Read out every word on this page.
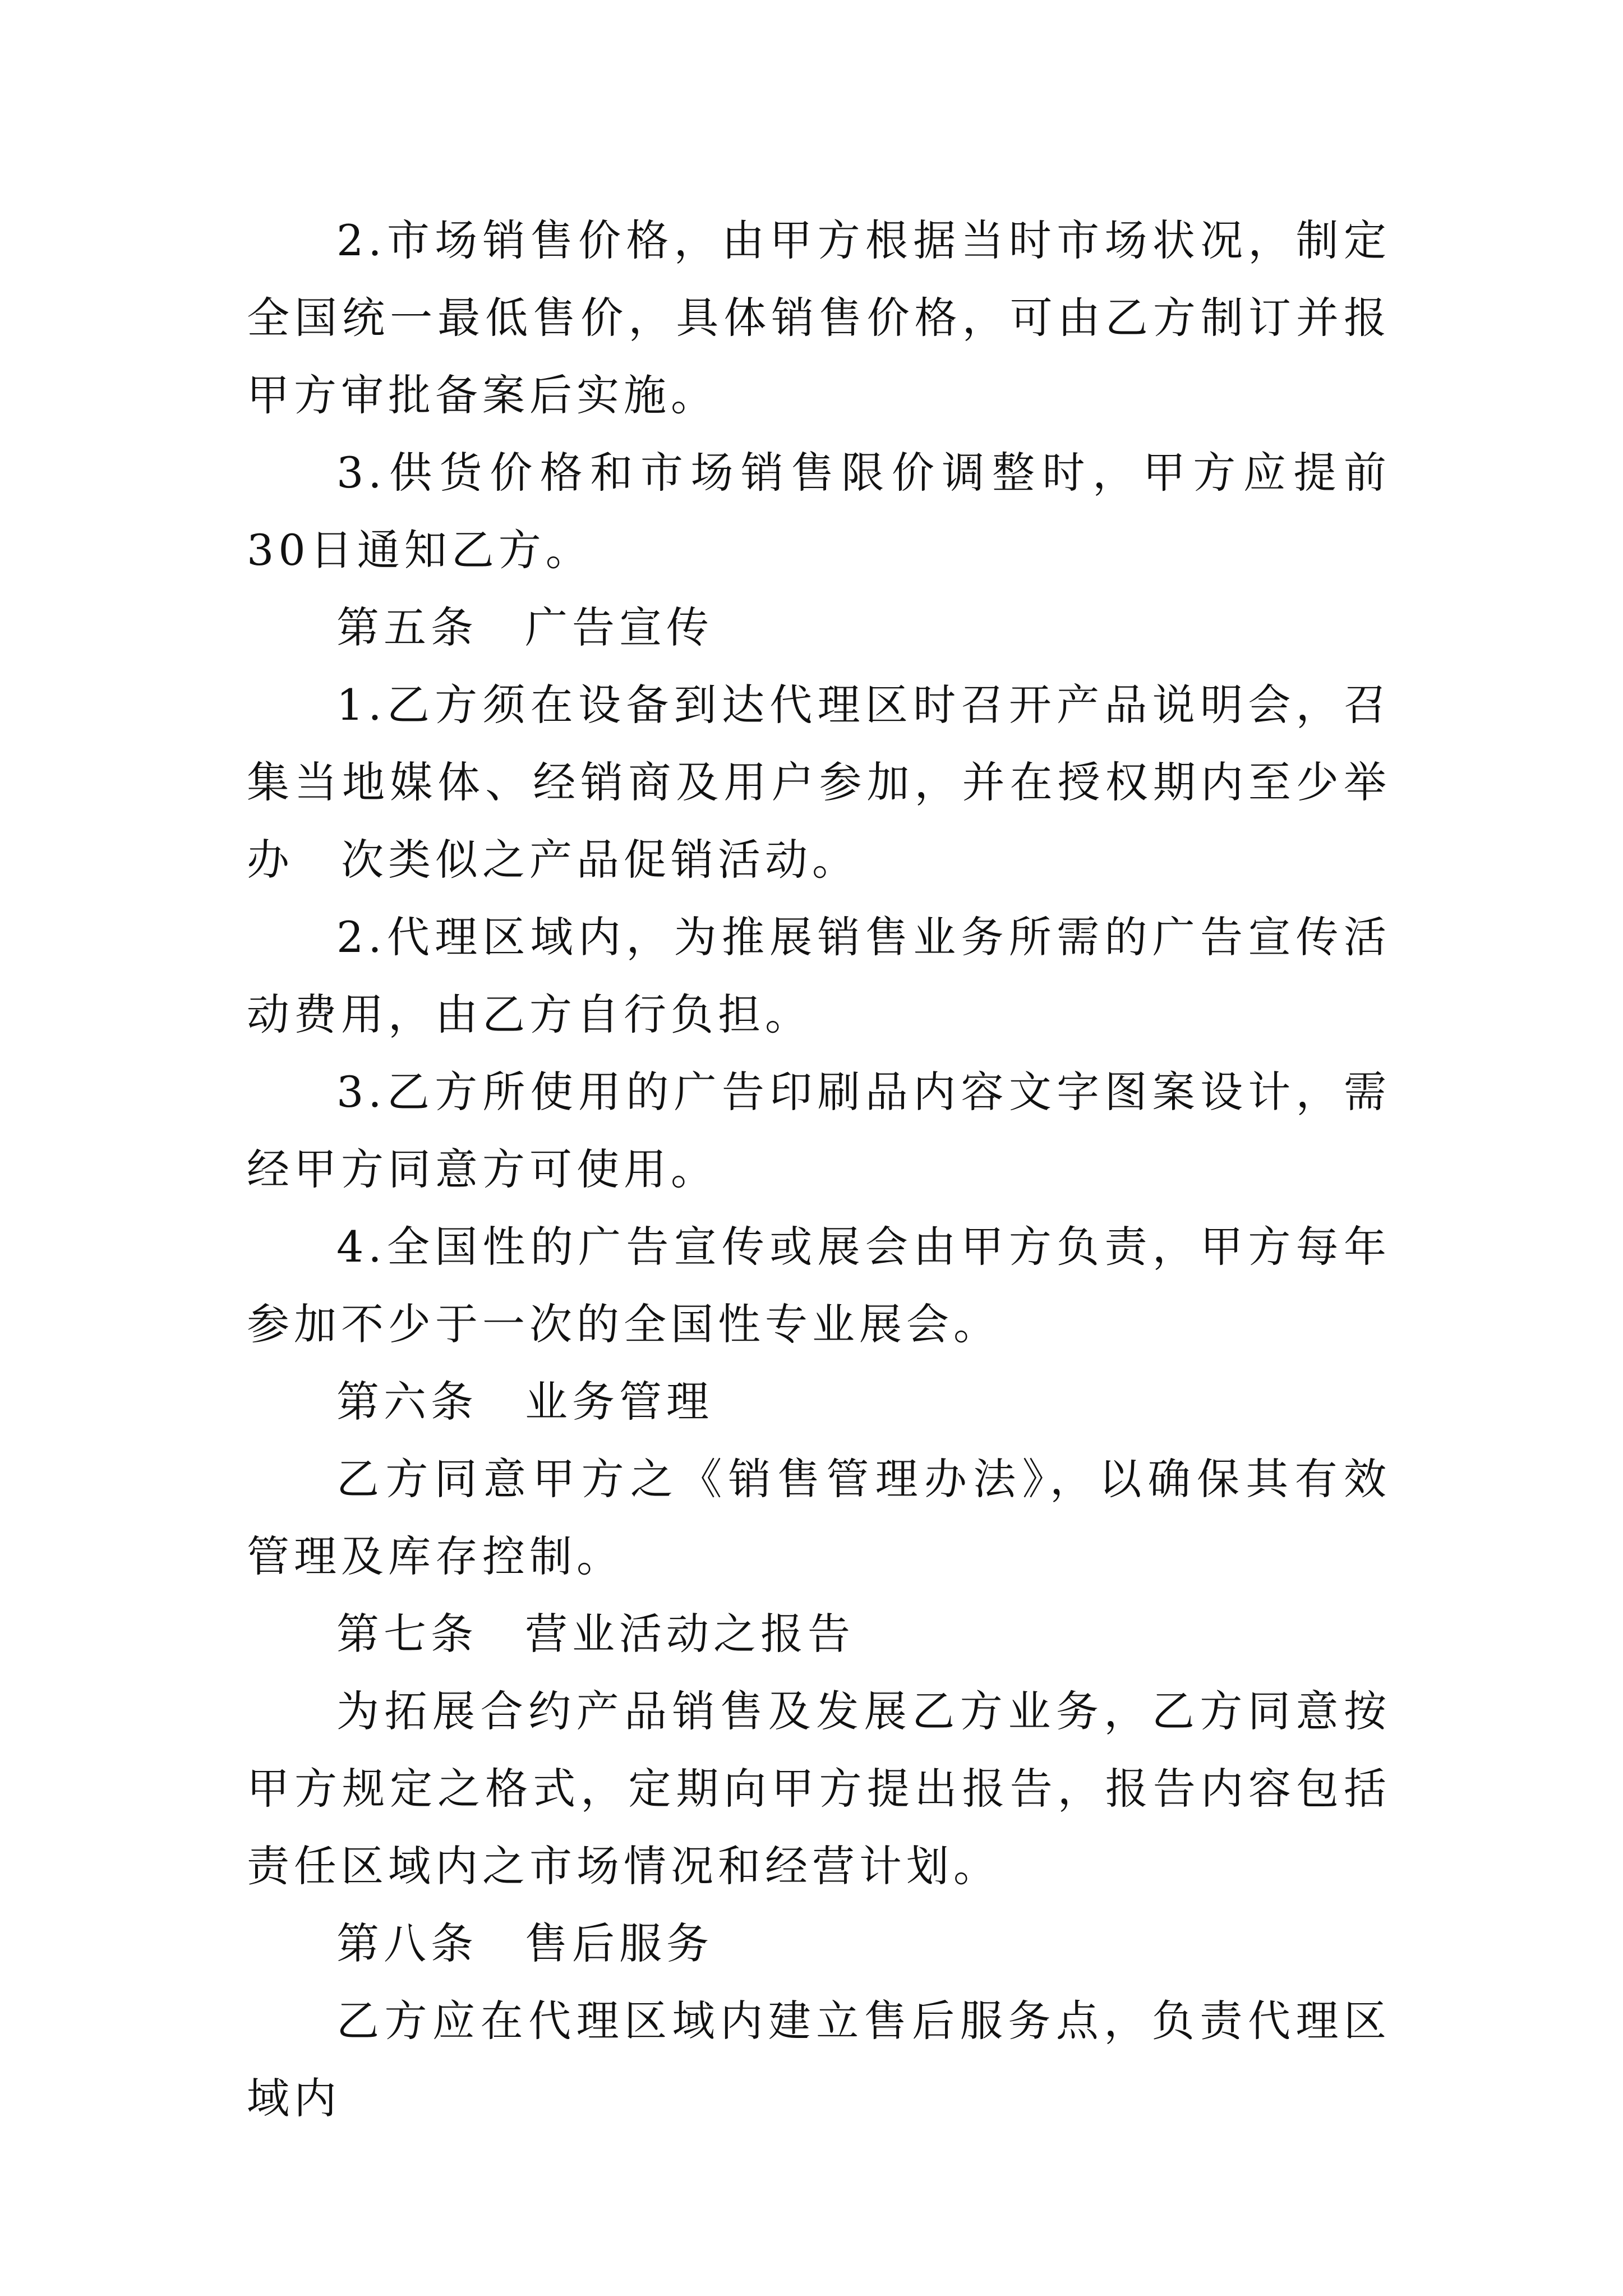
2.市场销售价格，由甲方根据当时市场状况，制定全国统一最低售价，具体销售价格，可由乙方制订并报甲方审批备案后实施。

3.供货价格和市场销售限价调整时，甲方应提前30日通知乙方。

第五条　广告宣传

1.乙方须在设备到达代理区时召开产品说明会，召集当地媒体、经销商及用户参加，并在授权期内至少举办　次类似之产品促销活动。

2.代理区域内，为推展销售业务所需的广告宣传活动费用，由乙方自行负担。

3.乙方所使用的广告印刷品内容文字图案设计，需经甲方同意方可使用。

4.全国性的广告宣传或展会由甲方负责，甲方每年参加不少于一次的全国性专业展会。

第六条　业务管理

乙方同意甲方之《销售管理办法》，以确保其有效管理及库存控制。

第七条　营业活动之报告

为拓展合约产品销售及发展乙方业务，乙方同意按甲方规定之格式，定期向甲方提出报告，报告内容包括责任区域内之市场情况和经营计划。

第八条　售后服务

乙方应在代理区域内建立售后服务点，负责代理区域内
